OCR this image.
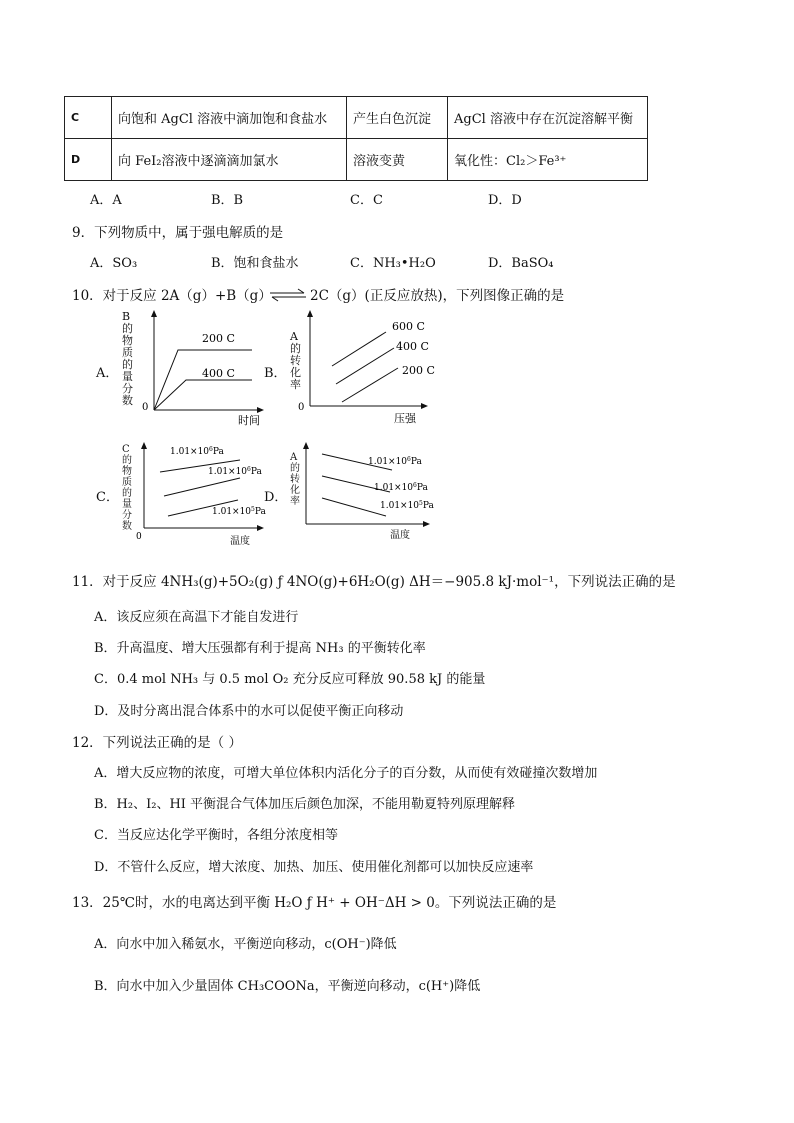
C	向饱和 AgCl 溶液中滴加饱和食盐水	产生白色沉淀	AgCl 溶液中存在沉淀溶解平衡
D	向 FeI₂溶液中逐滴滴加氯水	溶液变黄	氧化性：Cl₂＞Fe³⁺
A．A	B．B	C．C	D．D
9．下列物质中，属于强电解质的是
A．SO₃	B．饱和食盐水	C．NH₃•H₂O	D．BaSO₄
10．对于反应 2A（g）+B（g） ⇌ 2C（g）(正反应放热)，下列图像正确的是
A．
B
的
物
质
的
量
分
数
0
200 C
400 C
时间
B．
A
的
转
化
率
0
600 C
400 C
200 C
压强
C．
C
的
物
质
的
量
分
数
0
$1.01\times 10^6Pa$
$1.01\times 10^6Pa$
$1.01\times 10^5Pa$
温度
D．
A
的
转
化
率
$1.01\times 10^6Pa$
$1.01\times 10^6Pa$
$1.01\times 10^5Pa$
温度
11．对于反应 4NH₃(g)+5O₂(g) ƒ 4NO(g)+6H₂O(g) ΔH＝−905.8 kJ·mol⁻¹，下列说法正确的是
A．该反应须在高温下才能自发进行
B．升高温度、增大压强都有利于提高 NH₃ 的平衡转化率
C．0.4 mol NH₃ 与 0.5 mol O₂ 充分反应可释放 90.58 kJ 的能量
D．及时分离出混合体系中的水可以促使平衡正向移动
12．下列说法正确的是（ ）
A．增大反应物的浓度，可增大单位体积内活化分子的百分数，从而使有效碰撞次数增加
B．H₂、I₂、HI 平衡混合气体加压后颜色加深，不能用勒夏特列原理解释
C．当反应达化学平衡时，各组分浓度相等
D．不管什么反应，增大浓度、加热、加压、使用催化剂都可以加快反应速率
13．25℃时，水的电离达到平衡 H₂O ƒ H⁺ + OH⁻ΔH > 0。下列说法正确的是
A．向水中加入稀氨水，平衡逆向移动，c(OH⁻)降低
B．向水中加入少量固体 CH₃COONa，平衡逆向移动，c(H⁺)降低
